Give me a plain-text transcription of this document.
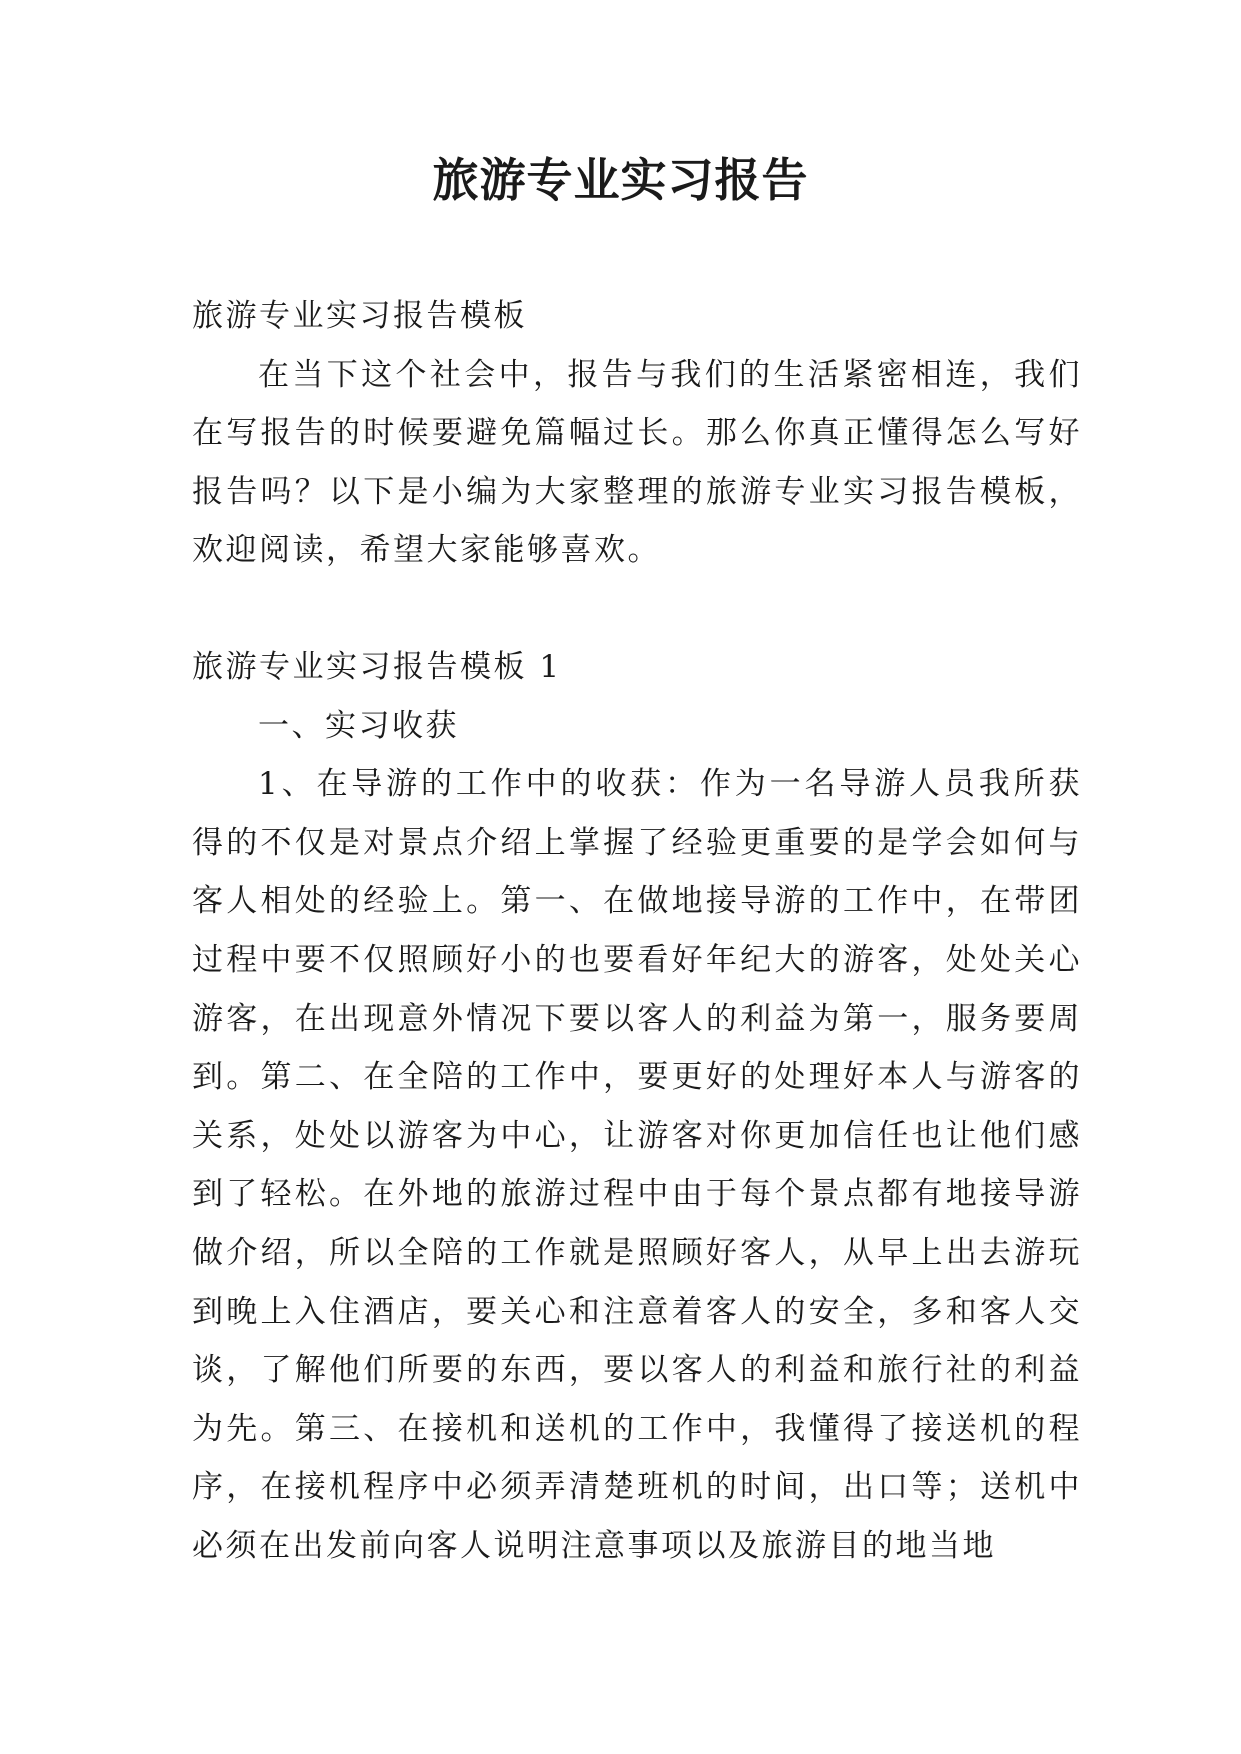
旅游专业实习报告

旅游专业实习报告模板

在当下这个社会中，报告与我们的生活紧密相连，我们在写报告的时候要避免篇幅过长。那么你真正懂得怎么写好报告吗？以下是小编为大家整理的旅游专业实习报告模板，欢迎阅读，希望大家能够喜欢。

旅游专业实习报告模板 1

一、实习收获

1、在导游的工作中的收获：作为一名导游人员我所获得的不仅是对景点介绍上掌握了经验更重要的是学会如何与客人相处的经验上。第一、在做地接导游的工作中，在带团过程中要不仅照顾好小的也要看好年纪大的游客，处处关心游客，在出现意外情况下要以客人的利益为第一，服务要周到。第二、在全陪的工作中，要更好的处理好本人与游客的关系，处处以游客为中心，让游客对你更加信任也让他们感到了轻松。在外地的旅游过程中由于每个景点都有地接导游做介绍，所以全陪的工作就是照顾好客人，从早上出去游玩到晚上入住酒店，要关心和注意着客人的安全，多和客人交谈，了解他们所要的东西，要以客人的利益和旅行社的利益为先。第三、在接机和送机的工作中，我懂得了接送机的程序，在接机程序中必须弄清楚班机的时间，出口等；送机中必须在出发前向客人说明注意事项以及旅游目的地当地
